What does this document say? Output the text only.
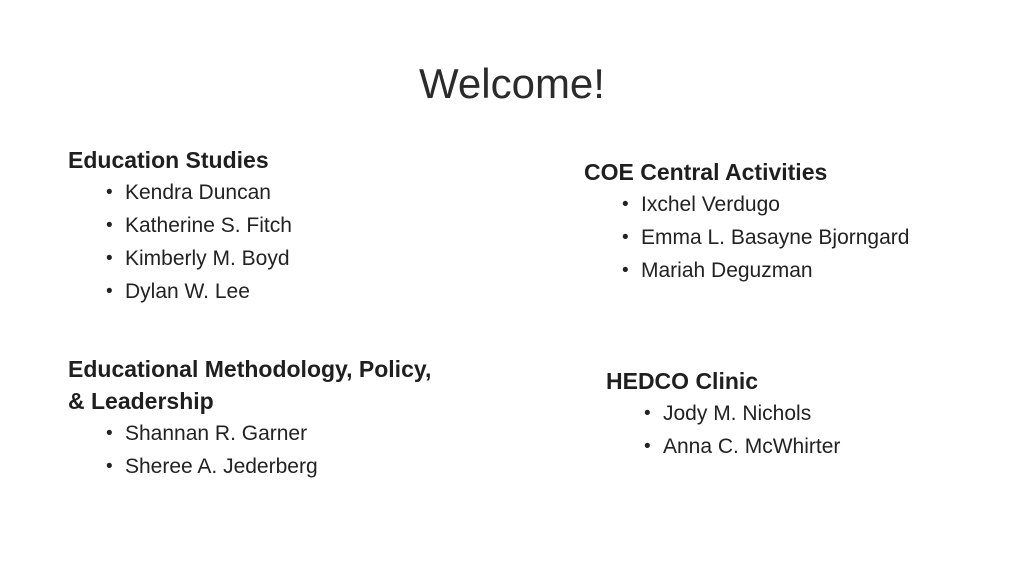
Welcome!
Education Studies
• Kendra Duncan
• Katherine S. Fitch
• Kimberly M. Boyd
• Dylan W. Lee
Educational Methodology, Policy,
& Leadership
• Shannan R. Garner
• Sheree A. Jederberg
COE Central Activities
• Ixchel Verdugo
• Emma L. Basayne Bjorngard
• Mariah Deguzman
HEDCO Clinic
• Jody M. Nichols
• Anna C. McWhirter
